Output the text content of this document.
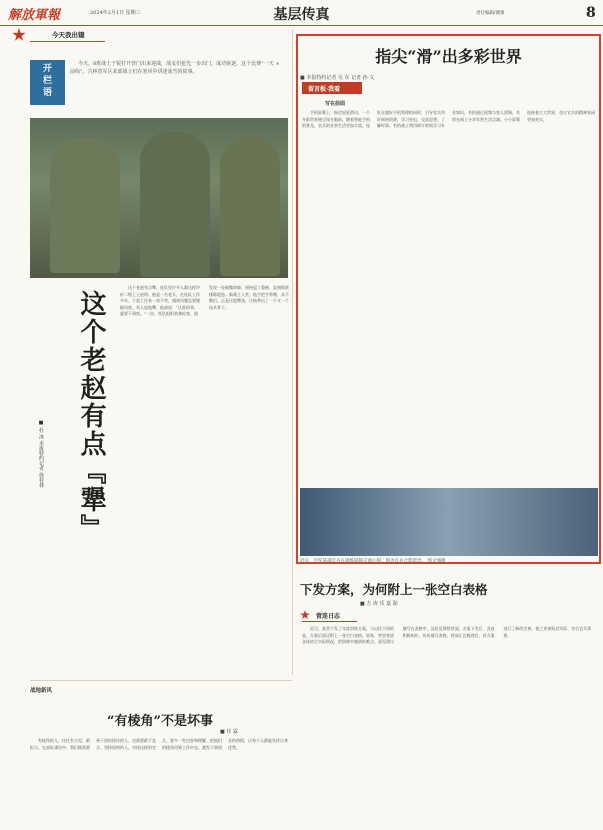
解放軍報	2024年2月1日 星期三	基层传真	责任编辑/谢蕾	8
今天我出镜
开
栏
语

今天，8班战士于锐打开营门出来迎战，战友们抢先一步出门，成功驱逐。这个比赛“一天 × 前线”。吉林省军区某部战士们在寒风中讲述冰雪的故事。

这个老赵有点『犟』
■ 杜 冰 本报特约记者 徐桂林

这个老赵有点犟，连队里许多人都这样评价二级上士赵明。他是一名老兵，在连队工作多年，干起工作来一丝不苟，遇到问题总要刨根问底。有人说他犟，他却说：“认准的事，就要干到底。”一次，连队组织装备检查，他发现一处细微故障，坚持返工重修，直到彻底排除隐患。新战士入营，他手把手带教，从不敷衍。正是这股犟劲，让他带出了一个又一个技术骨干。

指尖“滑”出多彩世界
■ 本报特约记者 吴 东 记者 孙 文
留言板·我看
写在前面

手机屏幕上，指尖轻轻滑动，一个多彩世界便呈现在眼前。随着智能手机的普及，官兵的业余生活更加丰富。连队在做好手机管理的同时，引导官兵用好网络资源，学习充电、交流思想、了解时事。有的战士利用碎片时间学习专业知识，有的通过视频与家人团聚，有的在网上分享军营生活点滴。小小屏幕连接着大大世界，也让官兵的精神家园更加充实。

近日，空军某部官兵在训练间隙交流心得。图为官兵合影留念。 郭文强摄
下发方案，为何附上一张空白表格
■ 方 涛 乐 嘉 勋
营连日志

近日，某营下发了年度训练方案，与以往不同的是，方案后面还附上一张空白表格。原来，营里希望各连结合实际情况，把训练中遇到的难点、意见建议填写在表格中，及时反馈给营部。方案下发后，各连积极响应，纷纷填写表格。营部汇总梳理后，对方案进行了修改完善，使之更加贴近实际、符合官兵需要。

战地新风
“有棱角”不是坏事
■ 任 霖

有棱角的人，往往有主见、敢担当。在部队建设中，我们既需要善于团结协作的人，也需要敢于直言、坚持原则的人。对待这样的官兵，要多一些包容和理解，把他们的棱角用到工作中去，激发干事创业的热情，让每个人都能发挥自身优势。
